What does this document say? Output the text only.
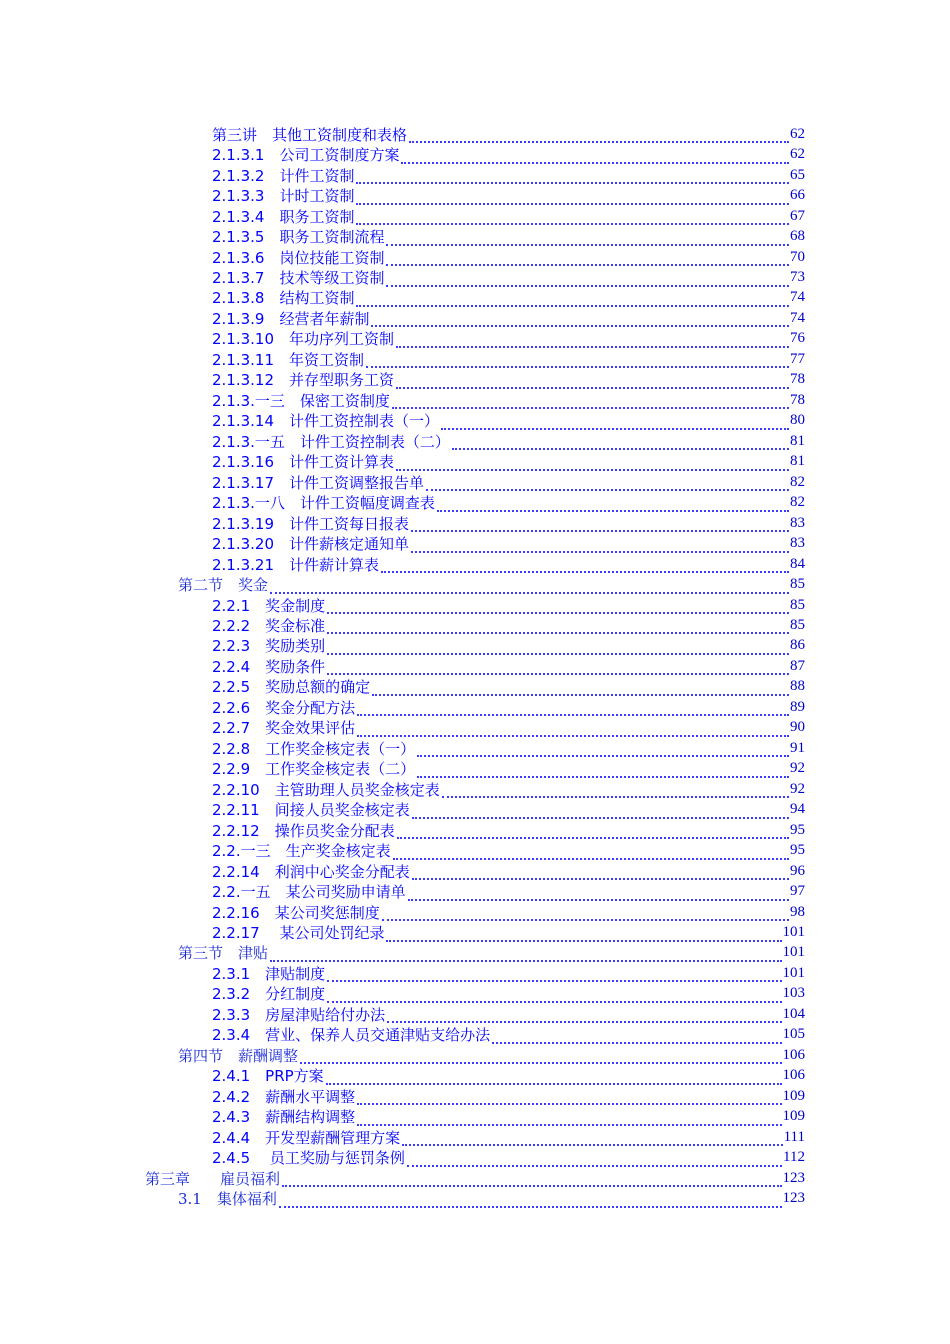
第三讲　其他工资制度和表格	62
2.1.3.1　公司工资制度方案	62
2.1.3.2　计件工资制	65
2.1.3.3　计时工资制	66
2.1.3.4　职务工资制	67
2.1.3.5　职务工资制流程	68
2.1.3.6　岗位技能工资制	70
2.1.3.7　技术等级工资制	73
2.1.3.8　结构工资制	74
2.1.3.9　经营者年薪制	74
2.1.3.10　年功序列工资制	76
2.1.3.11　年资工资制	77
2.1.3.12　并存型职务工资	78
2.1.3.一三　保密工资制度	78
2.1.3.14　计件工资控制表（一）	80
2.1.3.一五　计件工资控制表（二）	81
2.1.3.16　计件工资计算表	81
2.1.3.17　计件工资调整报告单	82
2.1.3.一八　计件工资幅度调查表	82
2.1.3.19　计件工资每日报表	83
2.1.3.20　计件薪核定通知单	83
2.1.3.21　计件薪计算表	84
第二节　奖金	85
2.2.1　奖金制度	85
2.2.2　奖金标准	85
2.2.3　奖励类别	86
2.2.4　奖励条件	87
2.2.5　奖励总额的确定	88
2.2.6　奖金分配方法	89
2.2.7　奖金效果评估	90
2.2.8　工作奖金核定表（一）	91
2.2.9　工作奖金核定表（二）	92
2.2.10　主管助理人员奖金核定表	92
2.2.11　间接人员奖金核定表	94
2.2.12　操作员奖金分配表	95
2.2.一三　生产奖金核定表	95
2.2.14　利润中心奖金分配表	96
2.2.一五　某公司奖励申请单	97
2.2.16　某公司奖惩制度	98
2.2.17　 某公司处罚纪录	101
第三节　津贴	101
2.3.1　津贴制度	101
2.3.2　分红制度	103
2.3.3　房屋津贴给付办法	104
2.3.4　营业、保养人员交通津贴支给办法	105
第四节　薪酬调整	106
2.4.1　PRP方案	106
2.4.2　薪酬水平调整	109
2.4.3　薪酬结构调整	109
2.4.4　开发型薪酬管理方案	111
2.4.5　 员工奖励与惩罚条例	112
第三章　　雇员福利	123
3.1　集体福利	123
